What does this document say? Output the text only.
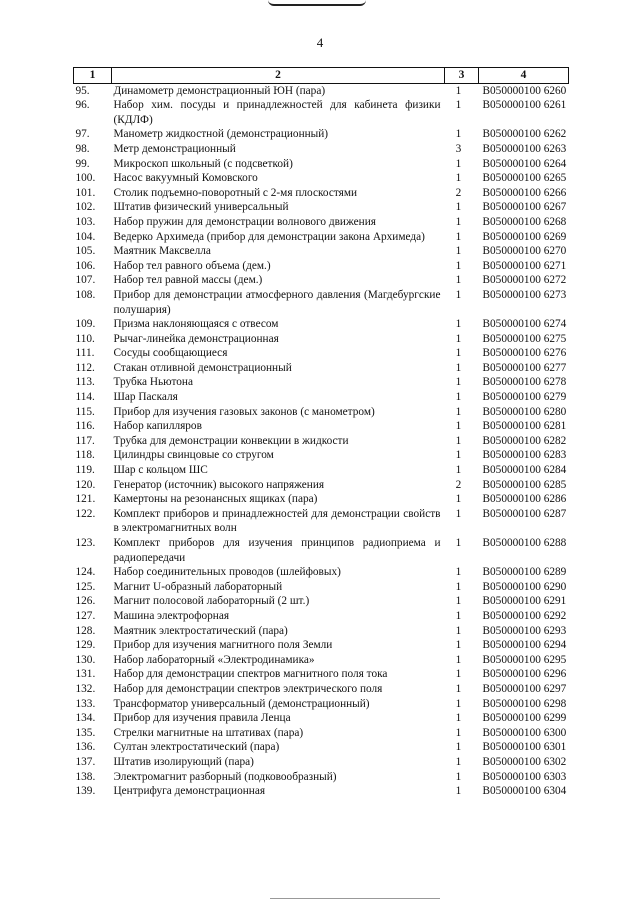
4
1	2	3	4
95.	Динамометр демонстрационный ЮН (пара)	1	В050000100 6260
96.	Набор хим. посуды и принадлежностей для кабинета физики (КДЛФ)	1	В050000100 6261
97.	Манометр жидкостной (демонстрационный)	1	В050000100 6262
98.	Метр демонстрационный	3	В050000100 6263
99.	Микроскоп школьный (с подсветкой)	1	В050000100 6264
100.	Насос вакуумный Комовского	1	В050000100 6265
101.	Столик подъемно-поворотный с 2-мя плоскостями	2	В050000100 6266
102.	Штатив физический универсальный	1	В050000100 6267
103.	Набор пружин для демонстрации волнового движения	1	В050000100 6268
104.	Ведерко Архимеда (прибор для демонстрации закона Архимеда)	1	В050000100 6269
105.	Маятник Максвелла	1	В050000100 6270
106.	Набор тел равного объема (дем.)	1	В050000100 6271
107.	Набор тел равной массы (дем.)	1	В050000100 6272
108.	Прибор для демонстрации атмосферного давления (Магдебургские полушария)	1	В050000100 6273
109.	Призма наклоняющаяся с отвесом	1	В050000100 6274
110.	Рычаг-линейка демонстрационная	1	В050000100 6275
111.	Сосуды сообщающиеся	1	В050000100 6276
112.	Стакан отливной демонстрационный	1	В050000100 6277
113.	Трубка Ньютона	1	В050000100 6278
114.	Шар Паскаля	1	В050000100 6279
115.	Прибор для изучения газовых законов (с манометром)	1	В050000100 6280
116.	Набор капилляров	1	В050000100 6281
117.	Трубка для демонстрации конвекции в жидкости	1	В050000100 6282
118.	Цилиндры свинцовые со стругом	1	В050000100 6283
119.	Шар с кольцом ШС	1	В050000100 6284
120.	Генератор (источник) высокого напряжения	2	В050000100 6285
121.	Камертоны на резонансных ящиках (пара)	1	В050000100 6286
122.	Комплект приборов и принадлежностей для демонстрации свойств в электромагнитных волн	1	В050000100 6287
123.	Комплект приборов для изучения принципов радиоприема и радиопередачи	1	В050000100 6288
124.	Набор соединительных проводов (шлейфовых)	1	В050000100 6289
125.	Магнит U-образный лабораторный	1	В050000100 6290
126.	Магнит полосовой лабораторный (2 шт.)	1	В050000100 6291
127.	Машина электрофорная	1	В050000100 6292
128.	Маятник электростатический (пара)	1	В050000100 6293
129.	Прибор для изучения магнитного поля Земли	1	В050000100 6294
130.	Набор лабораторный «Электродинамика»	1	В050000100 6295
131.	Набор для демонстрации спектров магнитного поля тока	1	В050000100 6296
132.	Набор для демонстрации спектров электрического поля	1	В050000100 6297
133.	Трансформатор универсальный (демонстрационный)	1	В050000100 6298
134.	Прибор для изучения правила Ленца	1	В050000100 6299
135.	Стрелки магнитные на штативах (пара)	1	В050000100 6300
136.	Султан электростатический (пара)	1	В050000100 6301
137.	Штатив изолирующий (пара)	1	В050000100 6302
138.	Электромагнит разборный (подковообразный)	1	В050000100 6303
139.	Центрифуга демонстрационная	1	В050000100 6304
